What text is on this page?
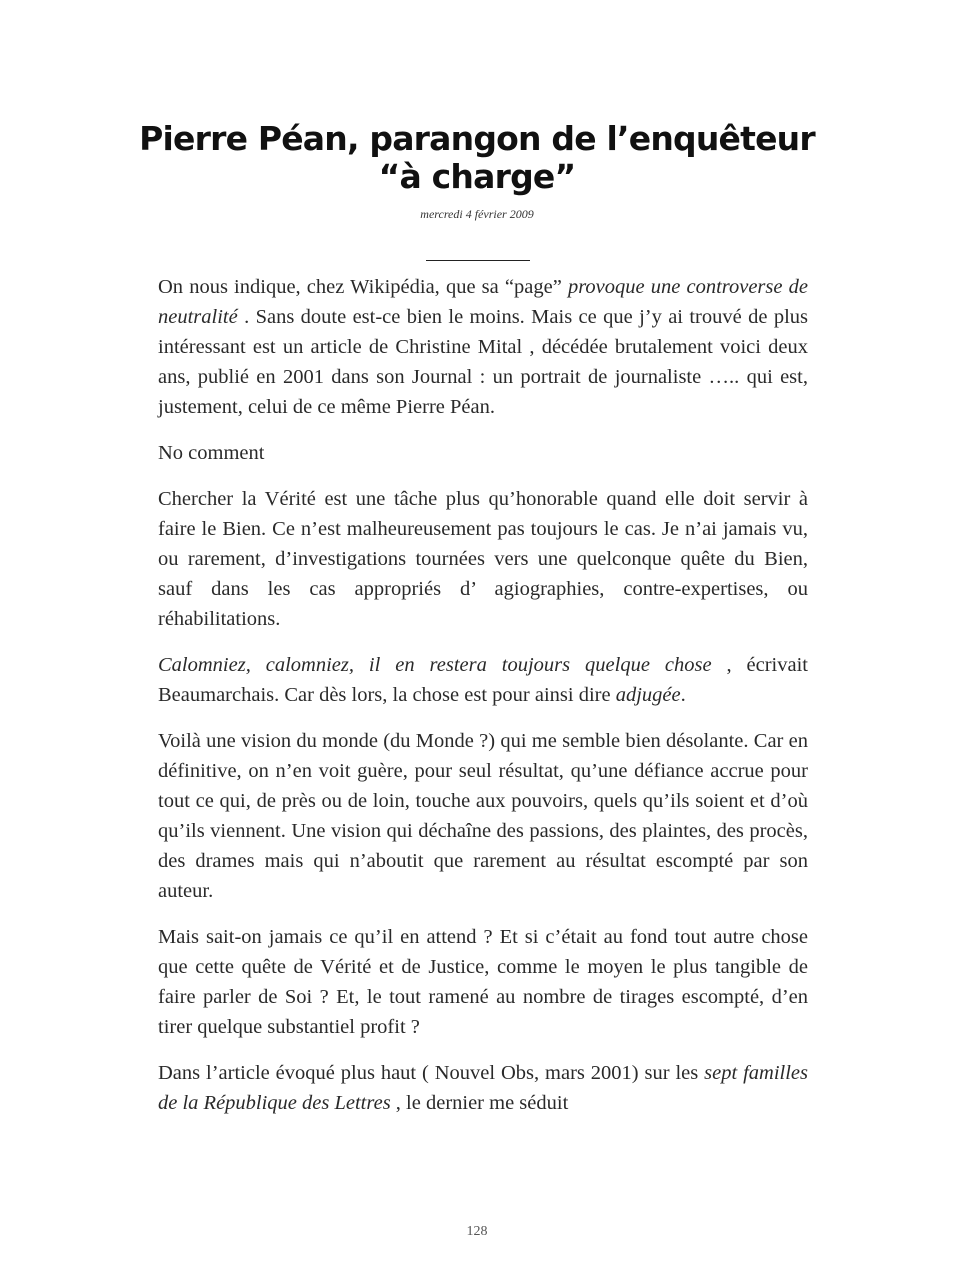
Pierre Péan, parangon de l’enquêteur
“à charge”
mercredi 4 février 2009

On nous indique, chez Wikipédia, que sa “page” provoque une controverse de neutralité . Sans doute est-ce bien le moins. Mais ce que j’y ai trouvé de plus intéressant est un article de Christine Mital , décédée brutalement voici deux ans, publié en 2001 dans son Journal : un portrait de journaliste ….. qui est, justement, celui de ce même Pierre Péan.

No comment

Chercher la Vérité est une tâche plus qu’honorable quand elle doit servir à faire le Bien. Ce n’est malheureusement pas toujours le cas. Je n’ai jamais vu, ou rarement, d’investigations tournées vers une quelconque quête du Bien, sauf dans les cas appropriés d’ agiographies, contre-expertises, ou réhabilitations.

Calomniez, calomniez, il en restera toujours quelque chose , écrivait Beaumarchais. Car dès lors, la chose est pour ainsi dire adjugée.

Voilà une vision du monde (du Monde ?) qui me semble bien désolante. Car en définitive, on n’en voit guère, pour seul résultat, qu’une défiance accrue pour tout ce qui, de près ou de loin, touche aux pouvoirs, quels qu’ils soient et d’où qu’ils viennent. Une vision qui déchaîne des passions, des plaintes, des procès, des drames mais qui n’aboutit que rarement au résultat escompté par son auteur.

Mais sait-on jamais ce qu’il en attend ? Et si c’était au fond tout autre chose que cette quête de Vérité et de Justice, comme le moyen le plus tangible de faire parler de Soi ? Et, le tout ramené au nombre de tirages escompté, d’en tirer quelque substantiel profit ?

Dans l’article évoqué plus haut ( Nouvel Obs, mars 2001) sur les sept familles de la République des Lettres , le dernier me séduit

128
